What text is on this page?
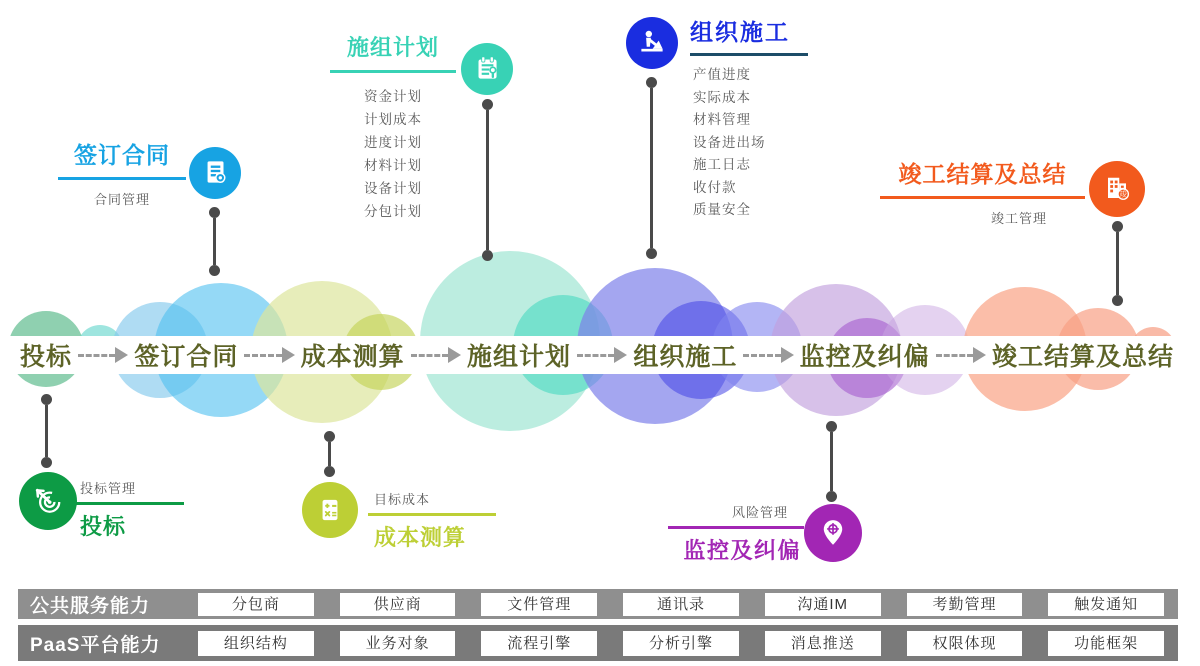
投标 签订合同 成本测算 施组计划 组织施工 监控及纠偏 竣工结算及总结
签订合同
合同管理
施组计划
资金计划
计划成本
进度计划
材料计划
设备计划
分包计划
组织施工
产值进度
实际成本
材料管理
设备进出场
施工日志
收付款
质量安全
竣工结算及总结
竣工管理
竣
投标管理
投标
目标成本
成本测算
风险管理
监控及纠偏
公共服务能力	分包商	供应商	文件管理	通讯录	沟通IM	考勤管理	触发通知
PaaS平台能力	组织结构	业务对象	流程引擎	分析引擎	消息推送	权限体现	功能框架
